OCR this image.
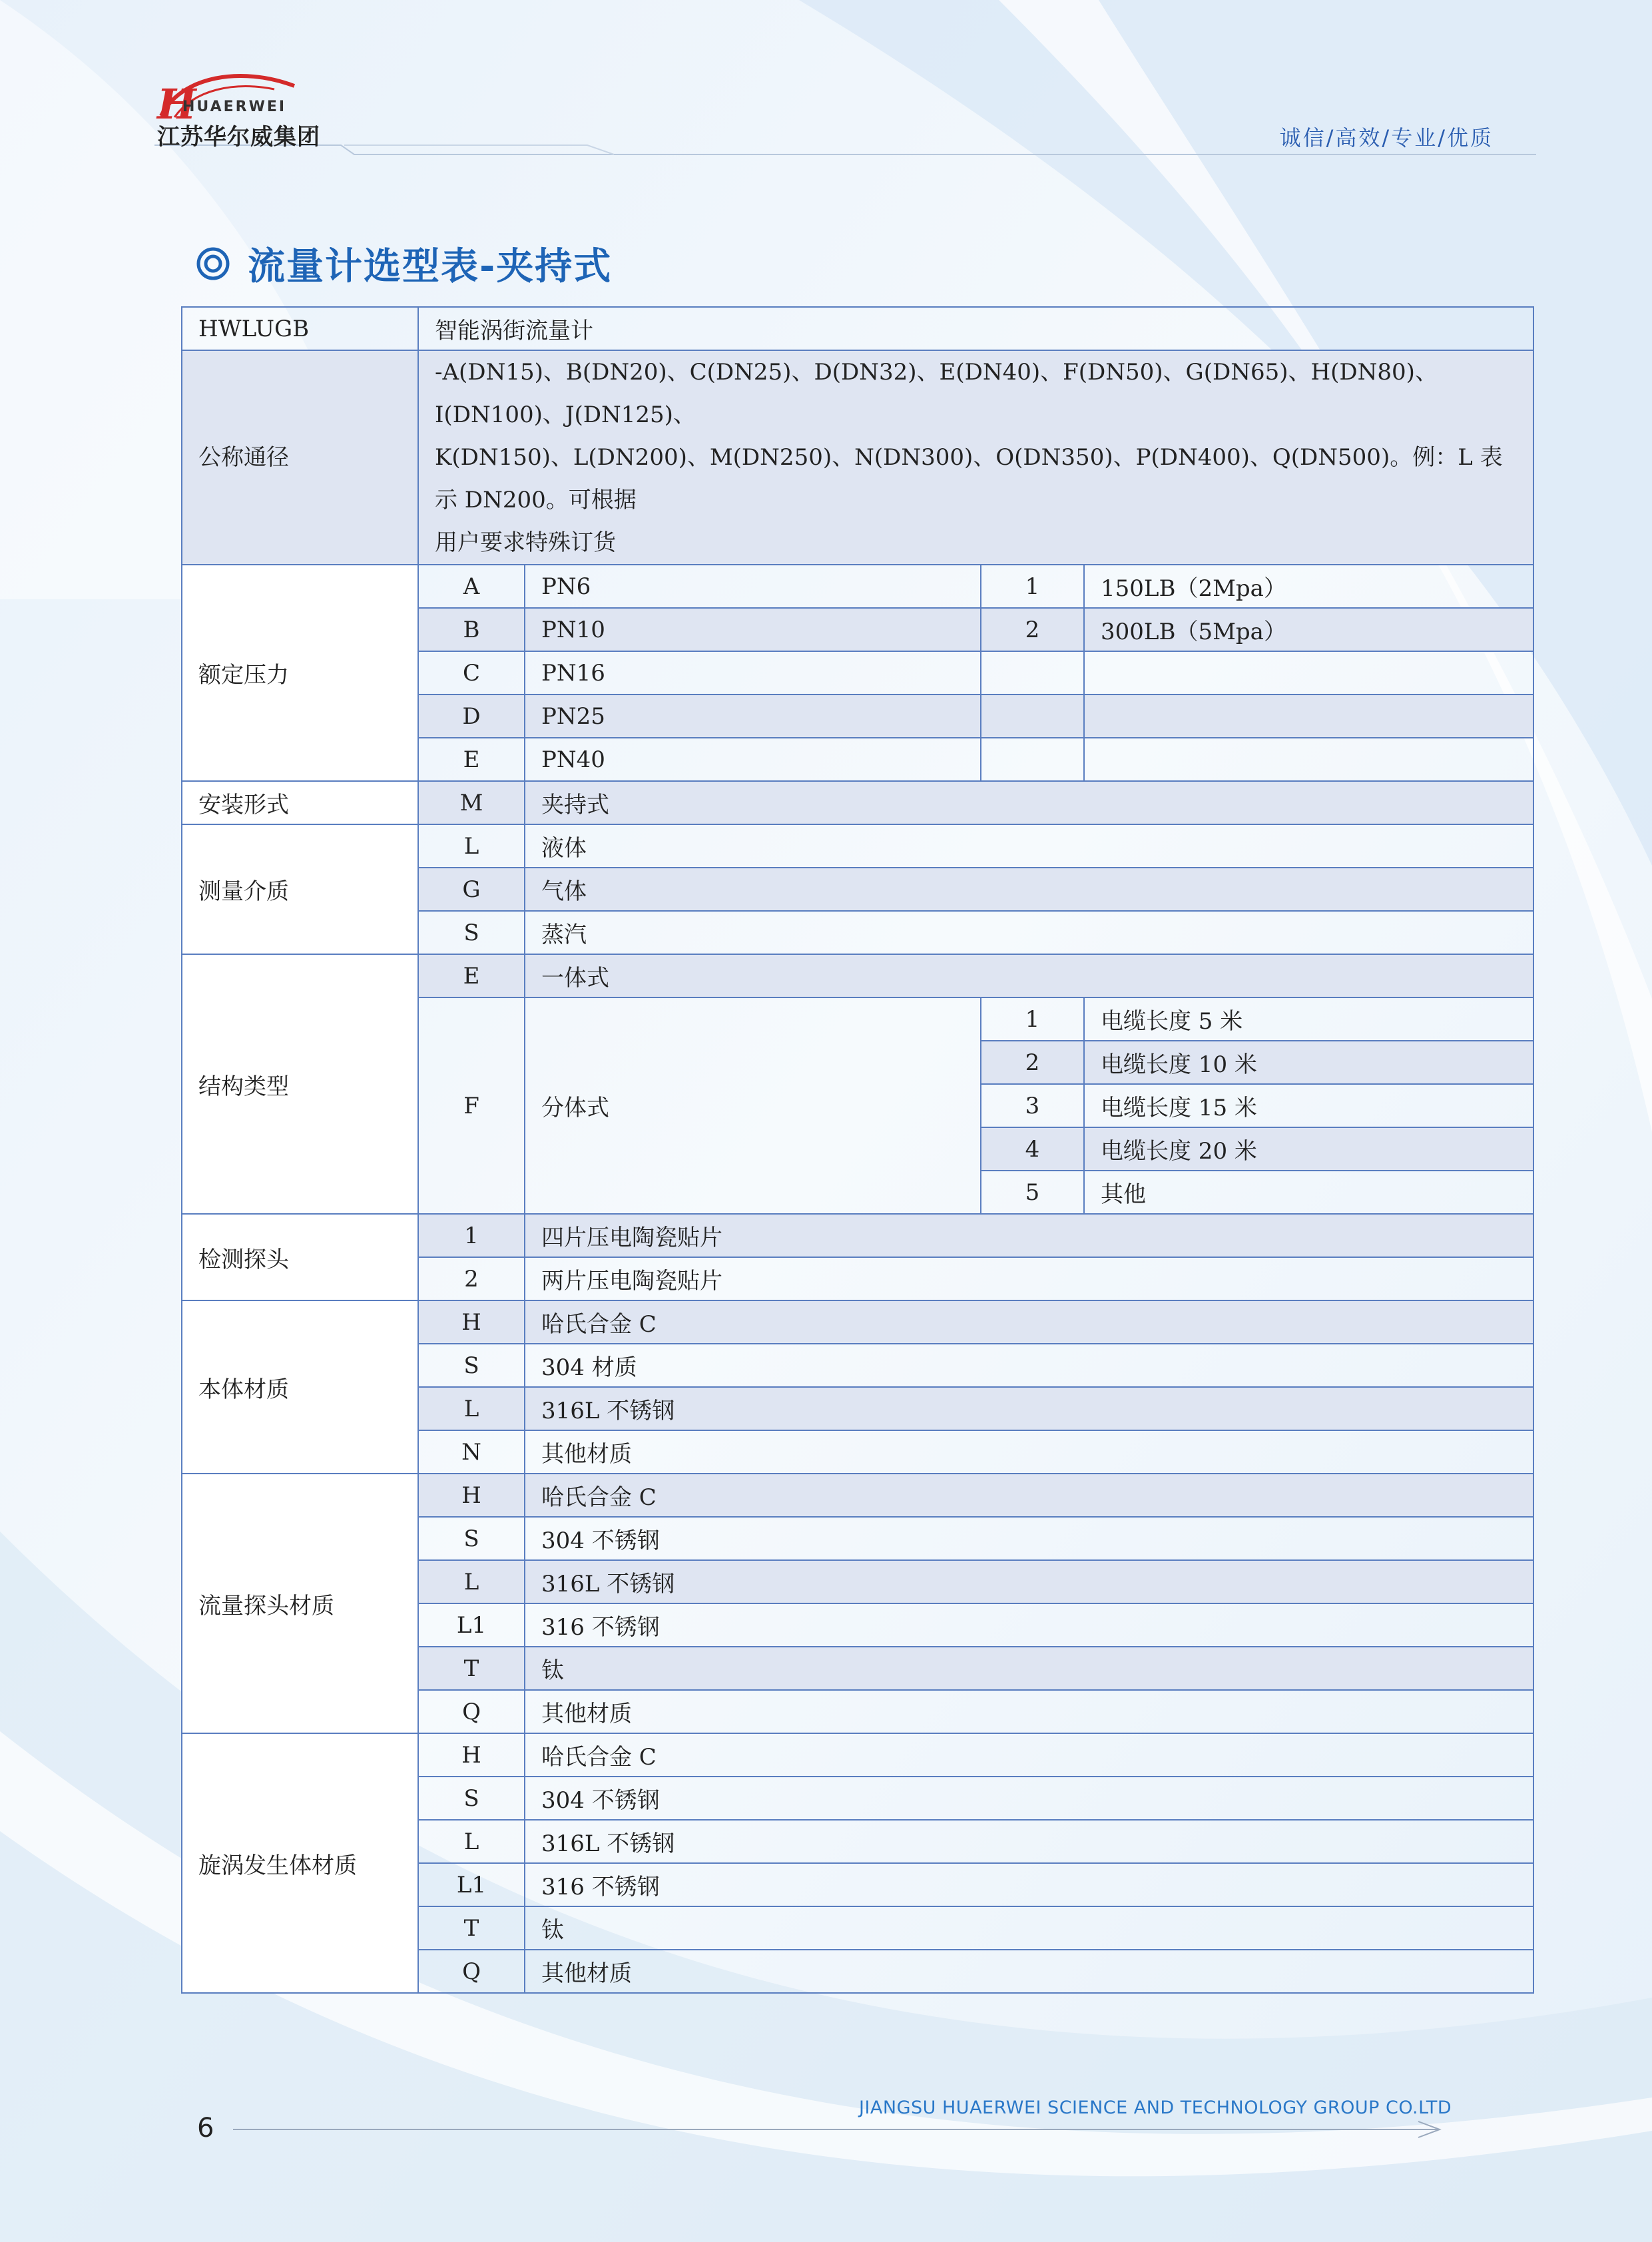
H
HUAERWEI
江苏华尔威集团	诚信/高效/专业/优质
流量计选型表-夹持式
HWLUGB	智能涡街流量计			
公称通径	-A(DN15)、B(DN20)、C(DN25)、D(DN32)、E(DN40)、F(DN50)、G(DN65)、H(DN80)、I(DN100)、J(DN125)、
K(DN150)、L(DN200)、M(DN250)、N(DN300)、O(DN350)、P(DN400)、Q(DN500)。例：L 表示 DN200。可根据
用户要求特殊订货			

额定压力	A	PN6	1	150LB（2Mpa）
	B	PN10	2	300LB（5Mpa）
	C	PN16		
	D	PN25		
	E	PN40		
安装形式	M	夹持式		
测量介质	L	液体		
	G	气体		
	S	蒸汽		
结构类型	E	一体式		
	F	分体式	1	电缆长度 5 米
			2	电缆长度 10 米
			3	电缆长度 15 米
			4	电缆长度 20 米
			5	其他
检测探头	1	四片压电陶瓷贴片		
	2	两片压电陶瓷贴片		
本体材质	H	哈氏合金 C		
	S	304 材质		
	L	316L 不锈钢		
	N	其他材质		
流量探头材质	H	哈氏合金 C		
	S	304 不锈钢		
	L	316L 不锈钢		
	L1	316 不锈钢		
	T	钛		
	Q	其他材质		
旋涡发生体材质	H	哈氏合金 C		
	S	304 不锈钢		
	L	316L 不锈钢		
	L1	316 不锈钢		
	T	钛		
	Q	其他材质		
JIANGSU HUAERWEI SCIENCE AND TECHNOLOGY GROUP CO.LTD
6
